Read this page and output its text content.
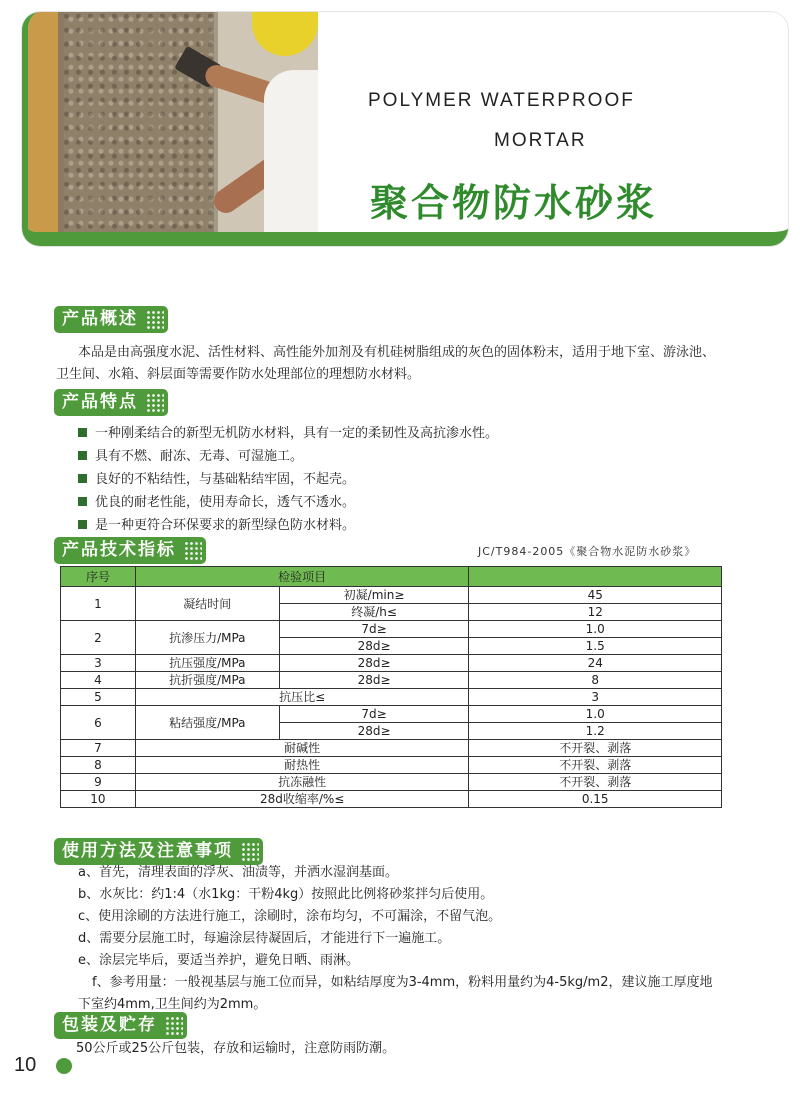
POLYMER WATERPROOF
MORTAR
聚合物防水砂浆
产品概述
本品是由高强度水泥、活性材料、高性能外加剂及有机硅树脂组成的灰色的固体粉末，适用于地下室、游泳池、
卫生间、水箱、斜层面等需要作防水处理部位的理想防水材料。
产品特点
一种刚柔结合的新型无机防水材料，具有一定的柔韧性及高抗渗水性。
具有不燃、耐冻、无毒、可湿施工。
良好的不粘结性，与基础粘结牢固，不起壳。
优良的耐老性能，使用寿命长，透气不透水。
是一种更符合环保要求的新型绿色防水材料。
产品技术指标	JC/T984-2005《聚合物水泥防水砂浆》
序号	检验项目		
1	凝结时间	初凝/min≥	45
		终凝/h≤	12
2	抗渗压力/MPa	7d≥	1.0
		28d≥	1.5
3	抗压强度/MPa	28d≥	24
4	抗折强度/MPa	28d≥	8
5	抗压比≤		3
6	粘结强度/MPa	7d≥	1.0
		28d≥	1.2
7	耐碱性		不开裂、剥落
8	耐热性		不开裂、剥落
9	抗冻融性		不开裂、剥落
10	28d收缩率/%≤		0.15
使用方法及注意事项
a、首先，清理表面的浮灰、油渍等，并洒水湿润基面。
b、水灰比：约1:4（水1kg：干粉4kg）按照此比例将砂浆拌匀后使用。
c、使用涂刷的方法进行施工，涂刷时，涂布均匀，不可漏涂，不留气泡。
d、需要分层施工时，每遍涂层待凝固后，才能进行下一遍施工。
e、涂层完毕后，要适当养护，避免日晒、雨淋。
f、参考用量：一般视基层与施工位而异，如粘结厚度为3-4mm，粉料用量约为4-5kg/m2，建议施工厚度地
下室约4mm,卫生间约为2mm。
包装及贮存
50公斤或25公斤包装，存放和运输时，注意防雨防潮。
10
